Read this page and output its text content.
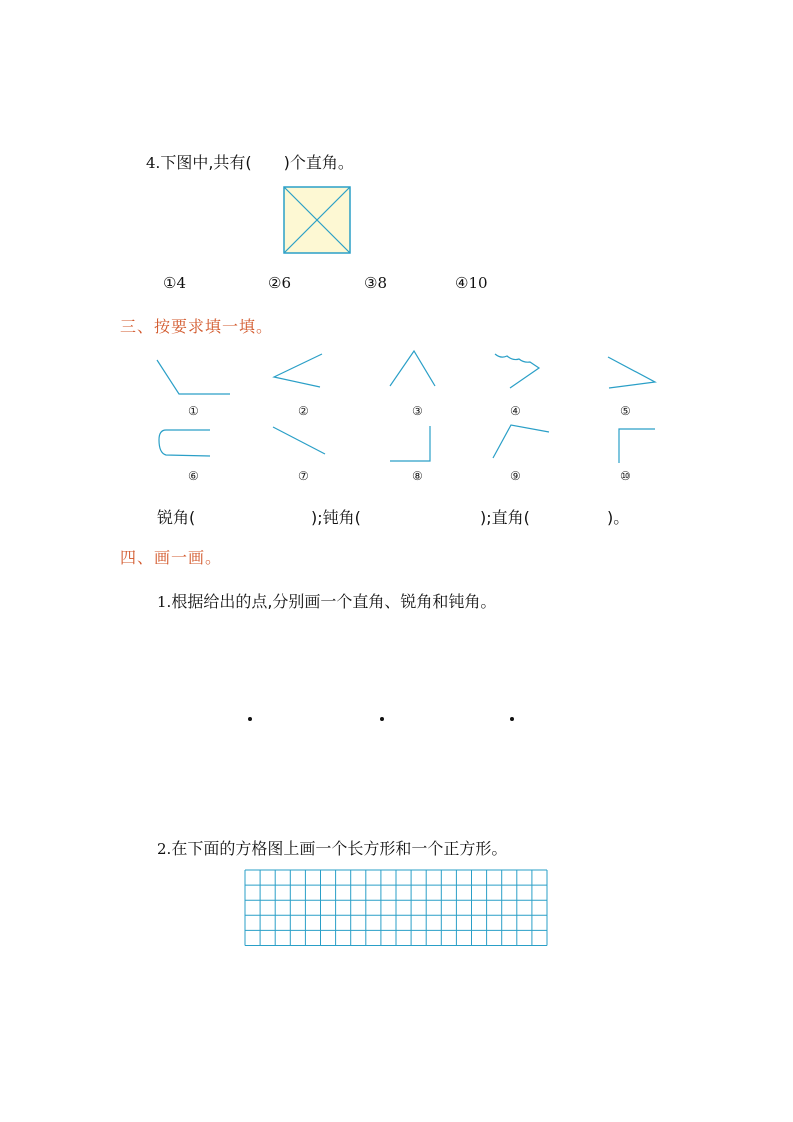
4.下图中,共有(　　)个直角。
①4	②6	③8	④10
三、按要求填一填。
①	②	③	④	⑤
⑥	⑦	⑧	⑨	⑩
锐角(	);钝角(	);直角(	)。
四、画一画。
1.根据给出的点,分别画一个直角、锐角和钝角。
2.在下面的方格图上画一个长方形和一个正方形。
